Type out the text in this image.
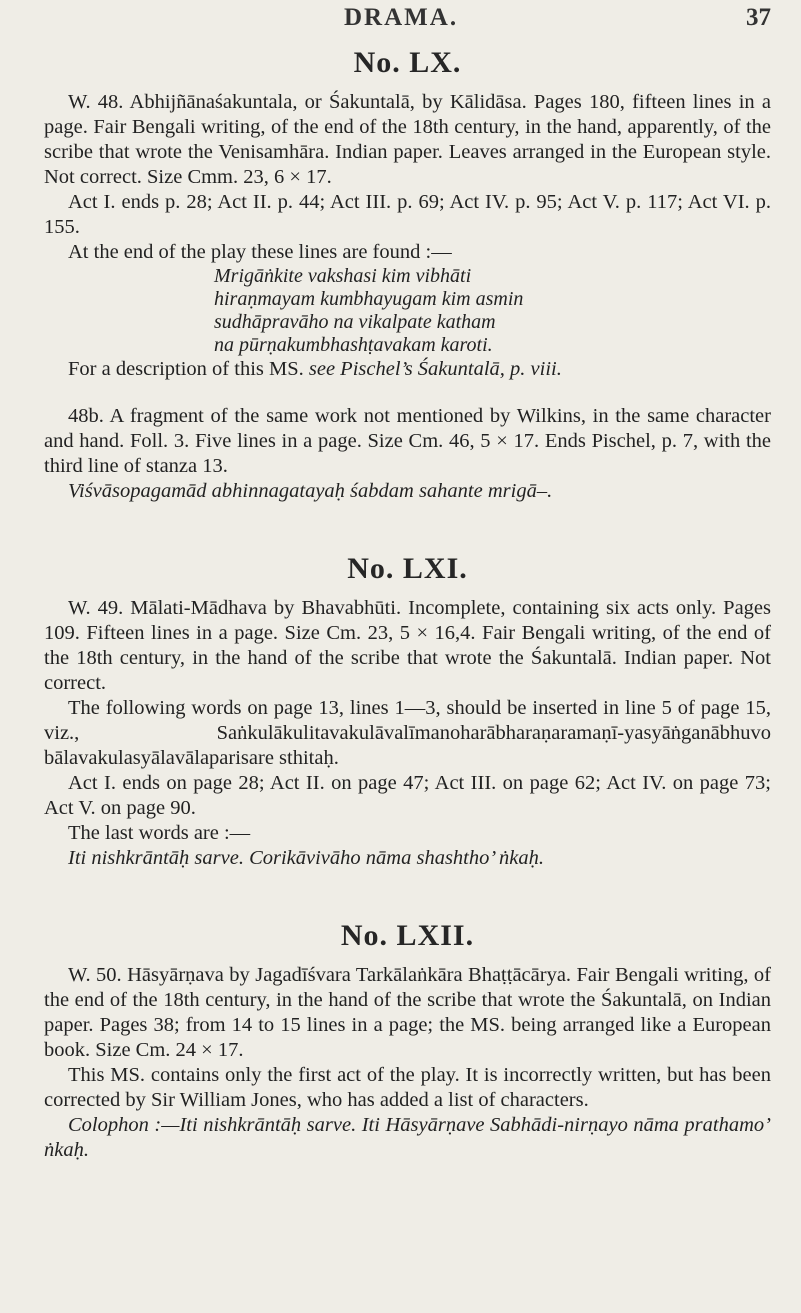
DRAMA.	37
No. LX.

W. 48. Abhijñānaśakuntala, or Śakuntalā, by Kālidāsa. Pages 180, fifteen lines in a page. Fair Bengali writing, of the end of the 18th century, in the hand, apparently, of the scribe that wrote the Venisamhāra. Indian paper. Leaves arranged in the European style. Not correct. Size Cmm. 23, 6 × 17.

Act I. ends p. 28; Act II. p. 44; Act III. p. 69; Act IV. p. 95; Act V. p. 117; Act VI. p. 155.

At the end of the play these lines are found :—

Mrigāṅkite vakshasi kim vibhāti
hiraṇmayam kumbhayugam kim asmin
sudhāpravāho na vikalpate katham
na pūrṇakumbhashṭavakam karoti.

For a description of this MS. see Pischel’s Śakuntalā, p. viii.

48b. A fragment of the same work not mentioned by Wilkins, in the same character and hand. Foll. 3. Five lines in a page. Size Cm. 46, 5 × 17. Ends Pischel, p. 7, with the third line of stanza 13.

Viśvāsopagamād abhinnagatayaḥ śabdam sahante mrigā–.

No. LXI.

W. 49. Mālati-Mādhava by Bhavabhūti. Incomplete, containing six acts only. Pages 109. Fifteen lines in a page. Size Cm. 23, 5 × 16,4. Fair Bengali writing, of the end of the 18th century, in the hand of the scribe that wrote the Śakuntalā. Indian paper. Not correct.

The following words on page 13, lines 1—3, should be inserted in line 5 of page 15, viz., Saṅkulākulitavakulāvalīmanoharābharaṇaramaṇī-yasyāṅganābhuvo bālavakulasyālavālaparisare sthitaḥ.

Act I. ends on page 28; Act II. on page 47; Act III. on page 62; Act IV. on page 73; Act V. on page 90.

The last words are :—

Iti nishkrāntāḥ sarve. Corikāvivāho nāma shashtho’ ṅkaḥ.

No. LXII.

W. 50. Hāsyārṇava by Jagadīśvara Tarkālaṅkāra Bhaṭṭācārya. Fair Bengali writing, of the end of the 18th century, in the hand of the scribe that wrote the Śakuntalā, on Indian paper. Pages 38; from 14 to 15 lines in a page; the MS. being arranged like a European book. Size Cm. 24 × 17.

This MS. contains only the first act of the play. It is incorrectly written, but has been corrected by Sir William Jones, who has added a list of characters.

Colophon :—Iti nishkrāntāḥ sarve. Iti Hāsyārṇave Sabhādi-nirṇayo nāma prathamo’ ṅkaḥ.
